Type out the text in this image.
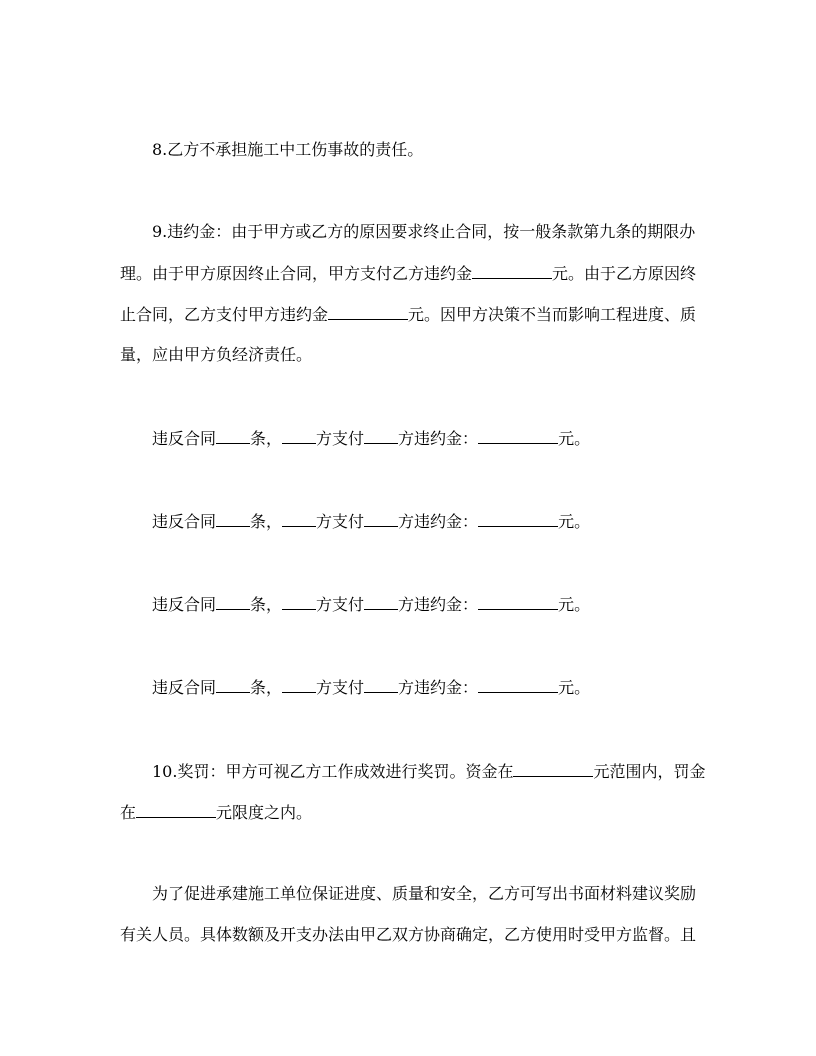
8.乙方不承担施工中工伤事故的责任。
9.违约金：由于甲方或乙方的原因要求终止合同，按一般条款第九条的期限办
理。由于甲方原因终止合同，甲方支付乙方违约金	元。由于乙方原因终
止合同，乙方支付甲方违约金	元。因甲方决策不当而影响工程进度、质
量，应由甲方负经济责任。
违反合同 条， 方支付 方违约金：	元。
违反合同 条， 方支付 方违约金：	元。
违反合同 条， 方支付 方违约金：	元。
违反合同 条， 方支付 方违约金：	元。
10.奖罚：甲方可视乙方工作成效进行奖罚。资金在	元范围内，罚金
在	元限度之内。
为了促进承建施工单位保证进度、质量和安全，乙方可写出书面材料建议奖励
有关人员。具体数额及开支办法由甲乙双方协商确定，乙方使用时受甲方监督。且
